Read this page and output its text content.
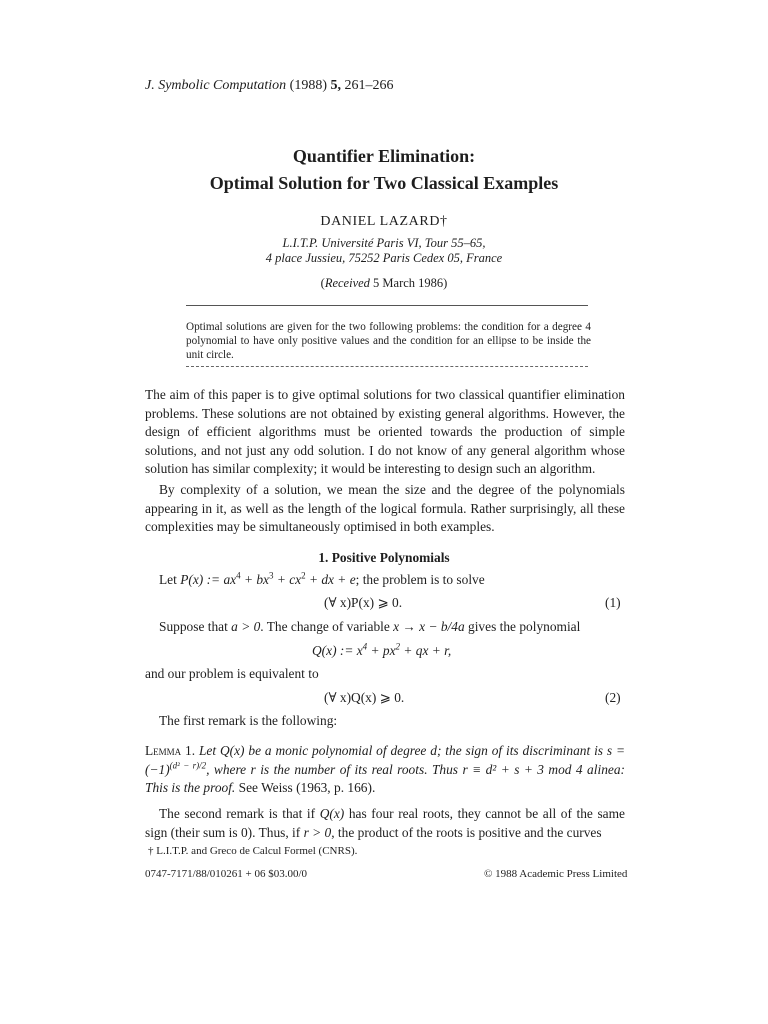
J. Symbolic Computation (1988) 5, 261–266
Quantifier Elimination:
Optimal Solution for Two Classical Examples
DANIEL LAZARD†
L.I.T.P. Université Paris VI, Tour 55–65,
4 place Jussieu, 75252 Paris Cedex 05, France
(Received 5 March 1986)

Optimal solutions are given for the two following problems: the condition for a degree 4 polynomial to have only positive values and the condition for an ellipse to be inside the unit circle.

The aim of this paper is to give optimal solutions for two classical quantifier elimination problems. These solutions are not obtained by existing general algorithms. However, the design of efficient algorithms must be oriented towards the production of simple solutions, and not just any odd solution. I do not know of any general algorithm whose solution has similar complexity; it would be interesting to design such an algorithm.

By complexity of a solution, we mean the size and the degree of the polynomials appearing in it, as well as the length of the logical formula. Rather surprisingly, all these complexities may be simultaneously optimised in both examples.

1. Positive Polynomials
Let P(x) := $ax^4 + bx^3 + cx^2$ + dx + e; the problem is to solve
(∀ x)P(x) ⩾ 0.	(1)
Suppose that a > 0. The change of variable x → x − b/4a gives the polynomial
Q(x) := $x^4 + px^2$ + qx + r,
and our problem is equivalent to
(∀ x)Q(x) ⩾ 0.	(2)
The first remark is the following:

Lemma 1. Let Q(x) be a monic polynomial of degree d; the sign of its discriminant is $s = (-1)^{(d^2 - r)/2}$, where r is the number of its real roots. Thus r ≡ d² + s + 3 mod 4 alinea: This is the proof. See Weiss (1963, p. 166).

The second remark is that if Q(x) has four real roots, they cannot be all of the same sign (their sum is 0). Thus, if r > 0, the product of the roots is positive and the curves

† L.I.T.P. and Greco de Calcul Formel (CNRS).
0747-7171/88/010261 + 06 $03.00/0	© 1988 Academic Press Limited
